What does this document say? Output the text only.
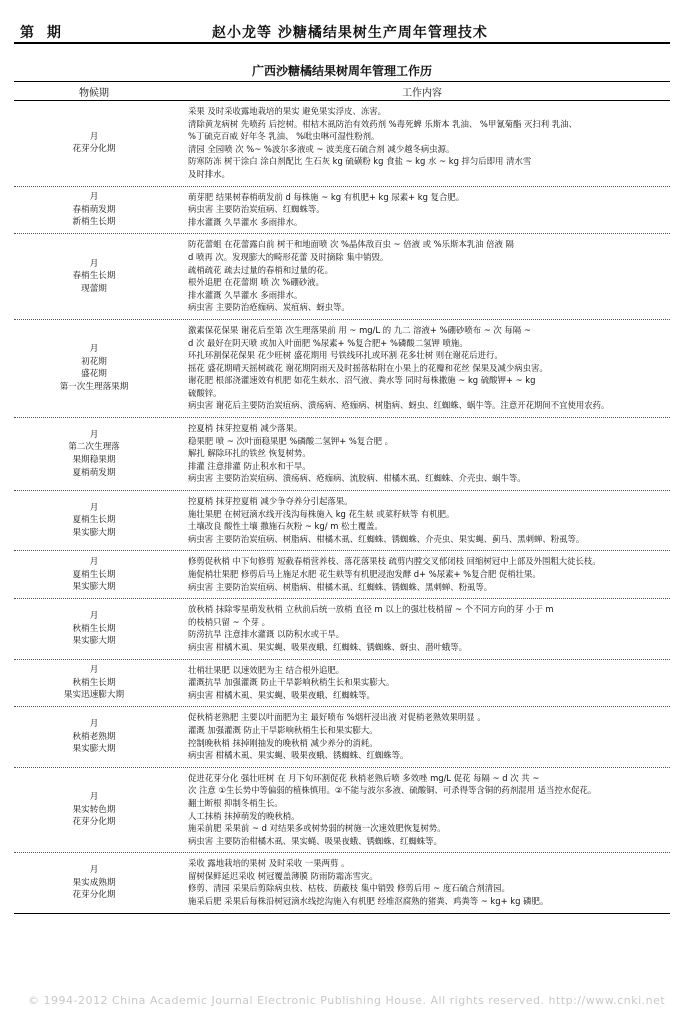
第 期	赵小龙等 沙糖橘结果树生产周年管理技术
广西沙糖橘结果树周年管理工作历
物候期	工作内容
月
花芽分化期
采果 及时采收露地栽培的果实 避免果实浮皮、冻害。
清除黄龙病树 先喷药 后挖树。柑桔木虱防治有效药剂 %毒死蜱 乐斯本 乳油、 %甲氰菊酯 灭扫利 乳油、
%丁硫克百威 好年冬 乳油、 %吡虫啉可湿性粉剂。
清园 全园喷 次 %~ %波尔多液或 ~ 波美度石硫合剂 减少越冬病虫源。
防寒防冻 树干涂白 涂白剂配比 生石灰 kg 硫磺粉 kg 食盐 ~ kg 水 ~ kg 拌匀后即用 清水雪
及时排水。
月
春梢萌发期
新梢生长期
萌芽肥 结果树春梢萌发前 d 每株施 ~ kg 有机肥+ kg 尿素+ kg 复合肥。
病虫害 主要防治炭疽病、红蜘蛛等。
排水灌溉 久旱灌水 多雨排水。
月
春梢生长期
现蕾期
防花蕾蛆 在花蕾露白前 树干和地面喷 次 %晶体敌百虫 ~ 倍液 或 %乐斯本乳油 倍液 隔
d 喷再 次。发现膨大的畸形花蕾 及时摘除 集中销毁。
疏梢疏花 疏去过量的春梢和过量的花。
根外追肥 在花蕾期 喷 次 %硼砂液。
排水灌溉 久旱灌水 多雨排水。
病虫害 主要防治疮痂病、炭疽病、蚜虫等。
月
初花期
盛花期
第一次生理落果期
激素保花保果 谢花后至第 次生理落果前 用 ~ mg/L 的 九二 溶液+ %硼砂喷布 ~ 次 每隔 ~
d 次 最好在阴天喷 或加入叶面肥 %尿素+ %复合肥+ %磷酸二氢钾 喷施。
环扎环割保花保果 花少旺树 盛花期用 号铁线环扎或环割 花多壮树 则在谢花后进行。
摇花 盛花期晴天摇树疏花 谢花期阴雨天及时摇落粘附在小果上的花瓣和花丝 保果及减少病虫害。
谢花肥 根部浇灌速效有机肥 如花生麸水、沼气液、粪水等 同时每株撒施 ~ kg 硫酸钾+ ~ kg
硫酸锌。
病虫害 谢花后主要防治炭疽病、溃疡病、疮痂病、树脂病、蚜虫、红蜘蛛、蜗牛等。注意开花期间不宜使用农药。
月
第二次生理落
果期稳果期
夏梢萌发期
控夏梢 抹芽控夏梢 减少落果。
稳果肥 喷 ~ 次叶面稳果肥 %磷酸二氢钾+ %复合肥 。
解扎 解除环扎的铁丝 恢复树势。
排灌 注意排灌 防止积水和干旱。
病虫害 主要防治炭疽病、溃疡病、疮痂病、流胶病、柑橘木虱、红蜘蛛、介壳虫、蜗牛等。
月
夏梢生长期
果实膨大期
控夏梢 抹芽控夏梢 减少争夺养分引起落果。
施壮果肥 在树冠滴水线开浅沟每株施入 kg 花生麸 或菜籽麸等 有机肥。
土壤改良 酸性土壤 撒施石灰粉 ~ kg/ m 松土覆盖。
病虫害 主要防治炭疽病、树脂病、柑橘木虱、红蜘蛛、锈蜘蛛、介壳虫、果实蝇、蓟马、黑刺蝉、粉虱等。
月
夏梢生长期
果实膨大期
修剪促秋梢 中下旬修剪 短截春梢营养枝、落花落果枝 疏剪内膛交叉郁闭枝 回缩树冠中上部及外围粗大徒长枝。
施促梢壮果肥 修剪后马上施足水肥 花生麸等有机肥浸泡发酵 d+ %尿素+ %复合肥 促梢壮果。
病虫害 主要防治炭疽病、树脂病、柑橘木虱、红蜘蛛、锈蜘蛛、黑刺蝉、粉虱等。
月
秋梢生长期
果实膨大期
放秋梢 抹除零星萌发秋梢 立秋前后统一放梢 直径 m 以上的强壮枝梢留 ~ 个不同方向的芽 小于 m
的枝梢只留 ~ 个芽 。
防涝抗旱 注意排水灌溉 以防积水或干旱。
病虫害 柑橘木虱、果实蝇、吸果夜蛾、红蜘蛛、锈蜘蛛、蚜虫、潜叶蛾等。
月
秋梢生长期
果实迅速膨大期
壮梢壮果肥 以速效肥为主 结合根外追肥。
灌溉抗旱 加强灌溉 防止干旱影响秋梢生长和果实膨大。
病虫害 柑橘木虱、果实蝇、吸果夜蛾、红蜘蛛等。
月
秋梢老熟期
果实膨大期
促秋梢老熟肥 主要以叶面肥为主 最好喷布 %烟杆浸出液 对促梢老熟效果明显 。
灌溉 加强灌溉 防止干旱影响秋梢生长和果实膨大。
控制晚秋梢 抹掉刚抽发的晚秋梢 减少养分的消耗。
病虫害 柑橘木虱、果实蝇、吸果夜蛾、锈蜘蛛、红蜘蛛等。
月
果实转色期
花芽分化期
促进花芽分化 强壮旺树 在 月下旬环割促花 秋梢老熟后喷 多效唑 mg/L 促花 每隔 ~ d 次 共 ~
次 注意 ①生长势中等偏弱的植株慎用。②不能与波尔多液、硫酸铜、可杀得等含铜的药剂混用 适当控水促花。
翻土断根 抑制冬梢生长。
人工抹梢 抹掉萌发的晚秋梢。
施采前肥 采果前 ~ d 对结果多或树势弱的树施一次速效肥恢复树势。
病虫害 主要防治柑橘木虱、果实蝇、吸果夜蛾、锈蜘蛛、红蜘蛛等。
月
果实成熟期
花芽分化期
采收 露地栽培的果树 及时采收 一果两剪 。
留树保鲜延迟采收 树冠覆盖薄膜 防雨防霜冻雪灾。
修剪、清园 采果后剪除病虫枝、枯枝、荫蔽枝 集中销毁 修剪后用 ~ 度石硫合剂清园。
施采后肥 采果后每株沿树冠滴水线挖沟施入有机肥 经堆沤腐熟的猪粪、鸡粪等 ~ kg+ kg 磷肥。
© 1994-2012 China Academic Journal Electronic Publishing House. All rights reserved. http://www.cnki.net
